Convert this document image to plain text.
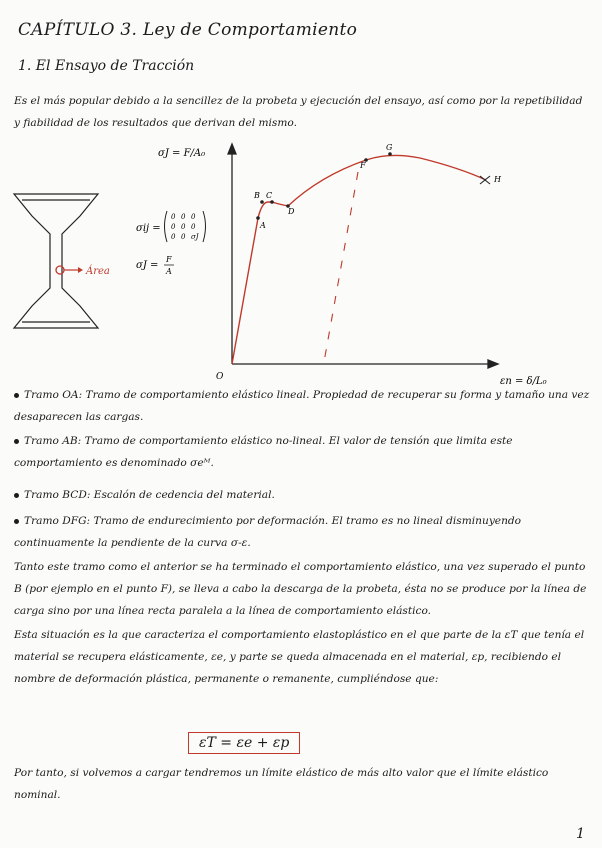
CAPÍTULO 3. Ley de Comportamiento
1. El Ensayo de Tracción
Es el más popular debido a la sencillez de la probeta y ejecución del ensayo, así como por la repetibilidad y fiabilidad de los resultados que derivan del mismo.
Área
σij =
0 0 0
0 0 0
0 0 σJ
σJ =
F
A
σJ = F/A₀
εn = δ/L₀
O
A
B C
D
F
G
H
Tramo OA: Tramo de comportamiento elástico lineal. Propiedad de recuperar su forma y tamaño una vez desaparecen las cargas.
Tramo AB: Tramo de comportamiento elástico no-lineal. El valor de tensión que limita este comportamiento es denominado σeᴹ.
Tramo BCD: Escalón de cedencia del material.
Tramo DFG: Tramo de endurecimiento por deformación. El tramo es no lineal disminuyendo continuamente la pendiente de la curva σ-ε.
Tanto este tramo como el anterior se ha terminado el comportamiento elástico, una vez superado el punto B (por ejemplo en el punto F), se lleva a cabo la descarga de la probeta, ésta no se produce por la línea de carga sino por una línea recta paralela a la línea de comportamiento elástico.
Esta situación es la que caracteriza el comportamiento elastoplástico en el que parte de la εT que tenía el material se recupera elásticamente, εe, y parte se queda almacenada en el material, εp, recibiendo el nombre de deformación plástica, permanente o remanente, cumpliéndose que:
εT = εe + εp
Por tanto, si volvemos a cargar tendremos un límite elástico de más alto valor que el límite elástico nominal.
1
